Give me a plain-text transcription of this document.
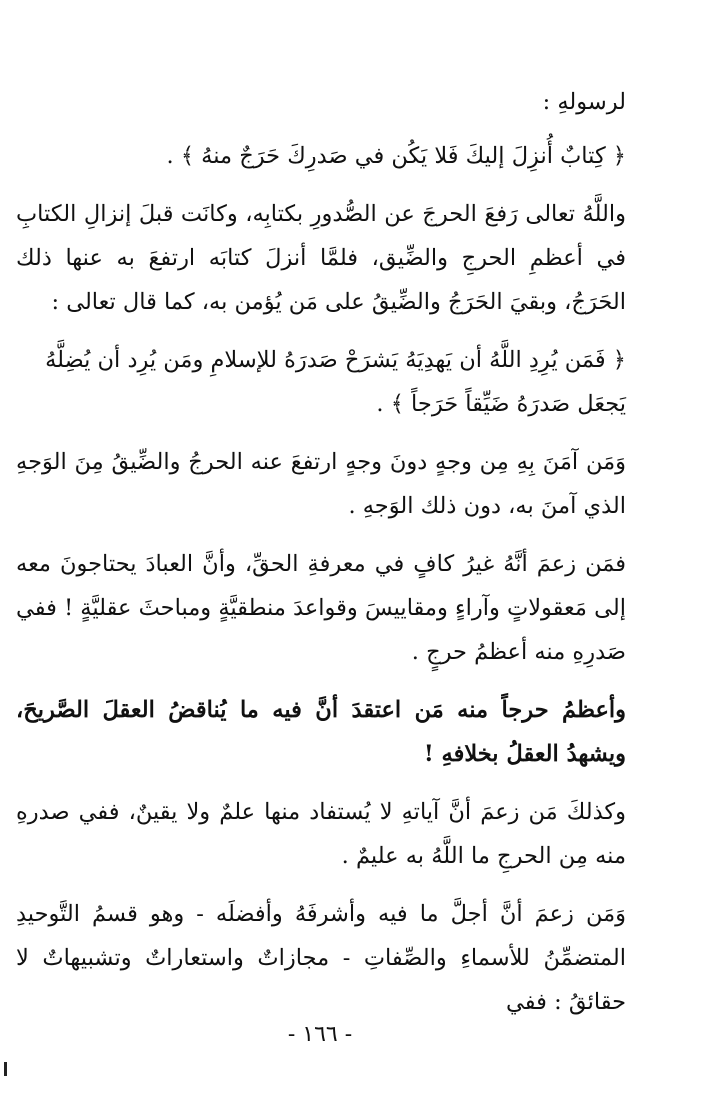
لرسولهِ :

﴿ كِتابٌ أُنزِلَ إليكَ فَلا يَكُن في صَدرِكَ حَرَجٌ منهُ ﴾ .

واللَّهُ تعالى رَفعَ الحرجَ عن الصُّدورِ بكتابِه، وكانَت قبلَ إنزالِ الكتابِ في أعظمِ الحرجِ والضِّيق، فلمَّا أنزلَ كتابَه ارتفعَ به عنها ذلك الحَرَجُ، وبقيَ الحَرَجُ والضِّيقُ على مَن يُؤمن به، كما قال تعالى :

﴿ فَمَن يُرِدِ اللَّهُ أن يَهدِيَهُ يَشرَحْ صَدرَهُ للإسلامِ ومَن يُرِد أن يُضِلَّهُ يَجعَل صَدرَهُ ضَيِّقاً حَرَجاً ﴾ .

وَمَن آمَنَ بِهِ مِن وجهٍ دونَ وجهٍ ارتفعَ عنه الحرجُ والضِّيقُ مِنَ الوَجهِ الذي آمنَ به، دون ذلك الوَجهِ .

فمَن زعمَ أنَّهُ غيرُ كافٍ في معرفةِ الحقِّ، وأنَّ العبادَ يحتاجونَ معه إلى مَعقولاتٍ وآراءٍ ومقاييسَ وقواعدَ منطقيَّةٍ ومباحثَ عقليَّةٍ ! ففي صَدرِهِ منه أعظمُ حرجٍ .

وأعظمُ حرجاً منه مَن اعتقدَ أنَّ فيه ما يُناقضُ العقلَ الصَّريحَ، ويشهدُ العقلُ بخلافهِ !

وكذلكَ مَن زعمَ أنَّ آياتهِ لا يُستفاد منها علمٌ ولا يقينٌ، ففي صدرهِ منه مِن الحرجِ ما اللَّهُ به عليمٌ .

وَمَن زعمَ أنَّ أجلَّ ما فيه وأشرفَهُ وأفضلَه - وهو قسمُ التَّوحيدِ المتضمِّنُ للأسماءِ والصِّفاتِ - مجازاتٌ واستعاراتٌ وتشبيهاتٌ لا حقائقُ : ففي

- ١٦٦ -
